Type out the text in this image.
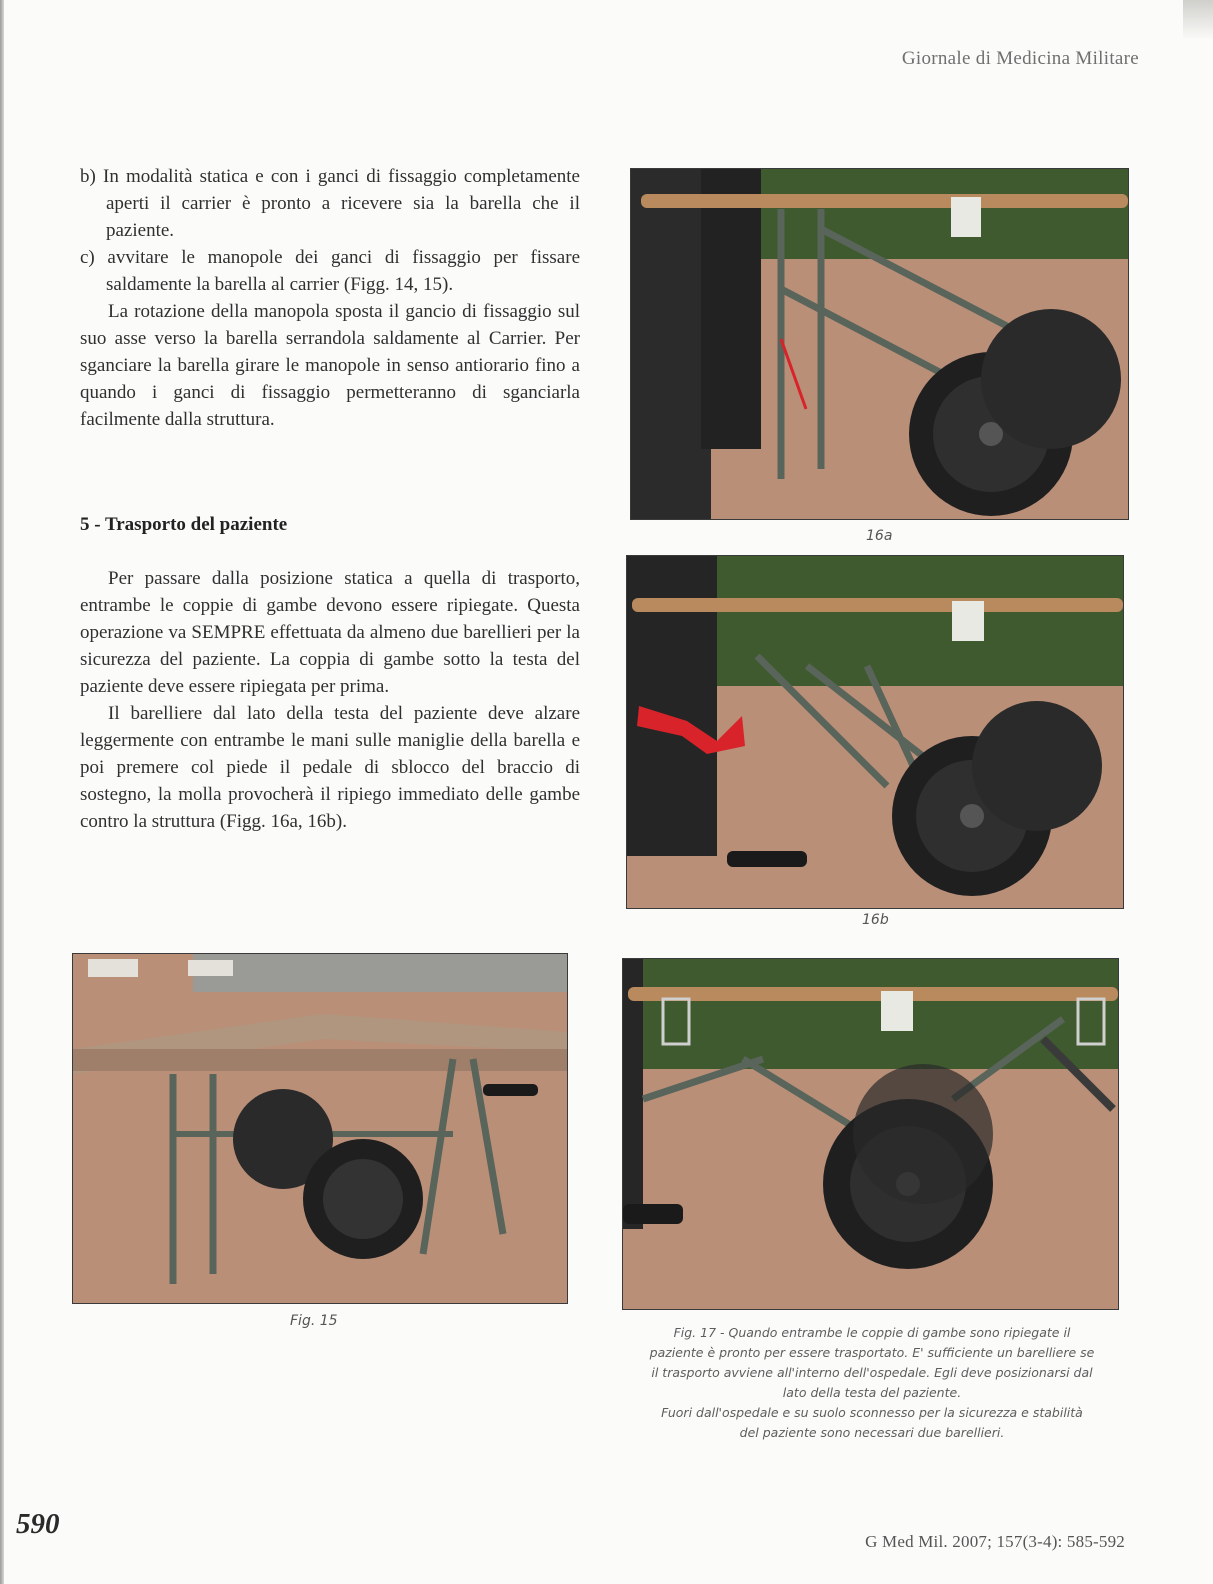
Giornale di Medicina Militare

b) In modalità statica e con i ganci di fissaggio completamente aperti il carrier è pronto a ricevere sia la barella che il paziente.

c) avvitare le manopole dei ganci di fissaggio per fissare saldamente la barella al carrier (Figg. 14, 15).

La rotazione della manopola sposta il gancio di fissaggio sul suo asse verso la barella serrandola saldamente al Carrier. Per sganciare la barella girare le manopole in senso antiorario fino a quando i ganci di fissaggio permetteranno di sganciarla facilmente dalla struttura.

5 - Trasporto del paziente

Per passare dalla posizione statica a quella di trasporto, entrambe le coppie di gambe devono essere ripiegate. Questa operazione va SEMPRE effettuata da almeno due barellieri per la sicurezza del paziente. La coppia di gambe sotto la testa del paziente deve essere ripiegata per prima.

Il barelliere dal lato della testa del paziente deve alzare leggermente con entrambe le mani sulle maniglie della barella e poi premere col piede il pedale di sblocco del braccio di sostegno, la molla provocherà il ripiego immediato delle gambe contro la struttura (Figg. 16a, 16b).

16a
16b
Fig. 15
Fig. 17 - Quando entrambe le coppie di gambe sono ripiegate il
paziente è pronto per essere trasportato. E' sufficiente un barelliere se
il trasporto avviene all'interno dell'ospedale. Egli deve posizionarsi dal
lato della testa del paziente.
Fuori dall'ospedale e su suolo sconnesso per la sicurezza e stabilità
del paziente sono necessari due barellieri.
590
G Med Mil. 2007; 157(3-4): 585-592
